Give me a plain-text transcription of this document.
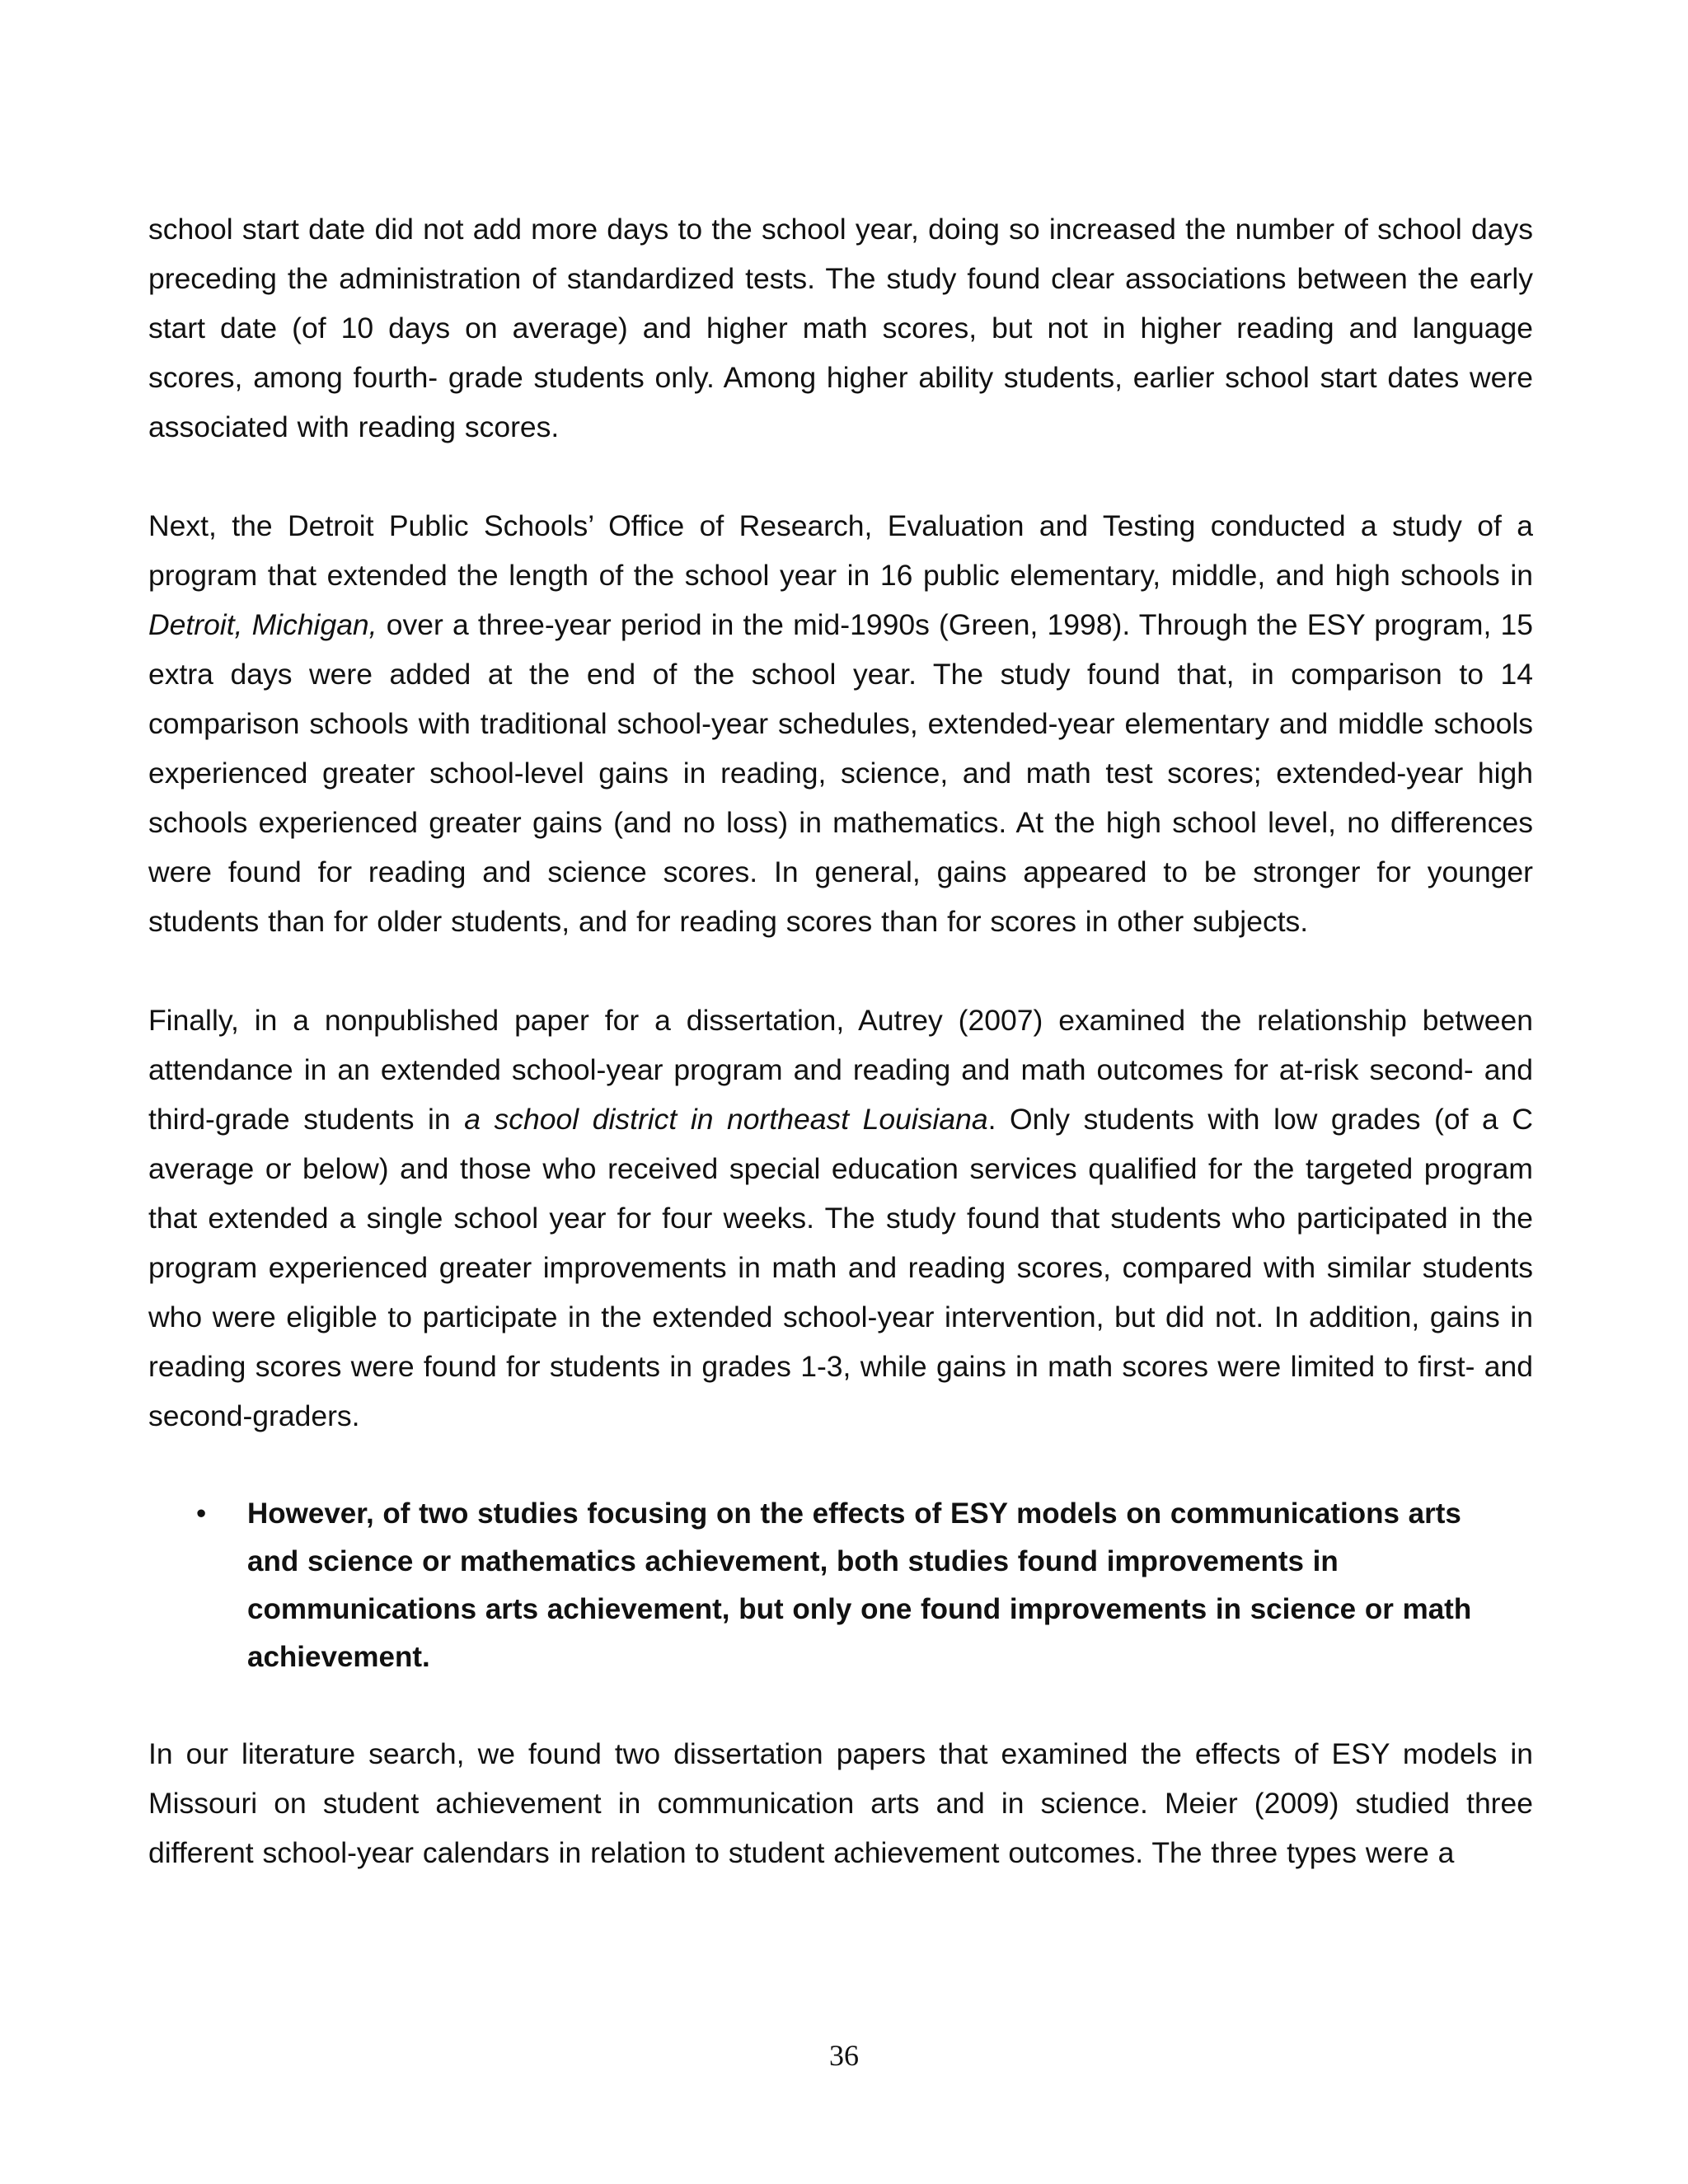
school start date did not add more days to the school year, doing so increased the number of school days preceding the administration of standardized tests. The study found clear associations between the early start date (of 10 days on average) and higher math scores, but not in higher reading and language scores, among fourth- grade students only. Among higher ability students, earlier school start dates were associated with reading scores.

Next, the Detroit Public Schools’ Office of Research, Evaluation and Testing conducted a study of a program that extended the length of the school year in 16 public elementary, middle, and high schools in Detroit, Michigan, over a three-year period in the mid-1990s (Green, 1998). Through the ESY program, 15 extra days were added at the end of the school year. The study found that, in comparison to 14 comparison schools with traditional school-year schedules, extended-year elementary and middle schools experienced greater school-level gains in reading, science, and math test scores; extended-year high schools experienced greater gains (and no loss) in mathematics. At the high school level, no differences were found for reading and science scores. In general, gains appeared to be stronger for younger students than for older students, and for reading scores than for scores in other subjects.

Finally, in a nonpublished paper for a dissertation, Autrey (2007) examined the relationship between attendance in an extended school-year program and reading and math outcomes for at-risk second- and third-grade students in a school district in northeast Louisiana. Only students with low grades (of a C average or below) and those who received special education services qualified for the targeted program that extended a single school year for four weeks. The study found that students who participated in the program experienced greater improvements in math and reading scores, compared with similar students who were eligible to participate in the extended school-year intervention, but did not. In addition, gains in reading scores were found for students in grades 1-3, while gains in math scores were limited to first- and second-graders.

• However, of two studies focusing on the effects of ESY models on communications arts and science or mathematics achievement, both studies found improvements in communications arts achievement, but only one found improvements in science or math achievement.

In our literature search, we found two dissertation papers that examined the effects of ESY models in Missouri on student achievement in communication arts and in science. Meier (2009) studied three different school-year calendars in relation to student achievement outcomes. The three types were a

36
